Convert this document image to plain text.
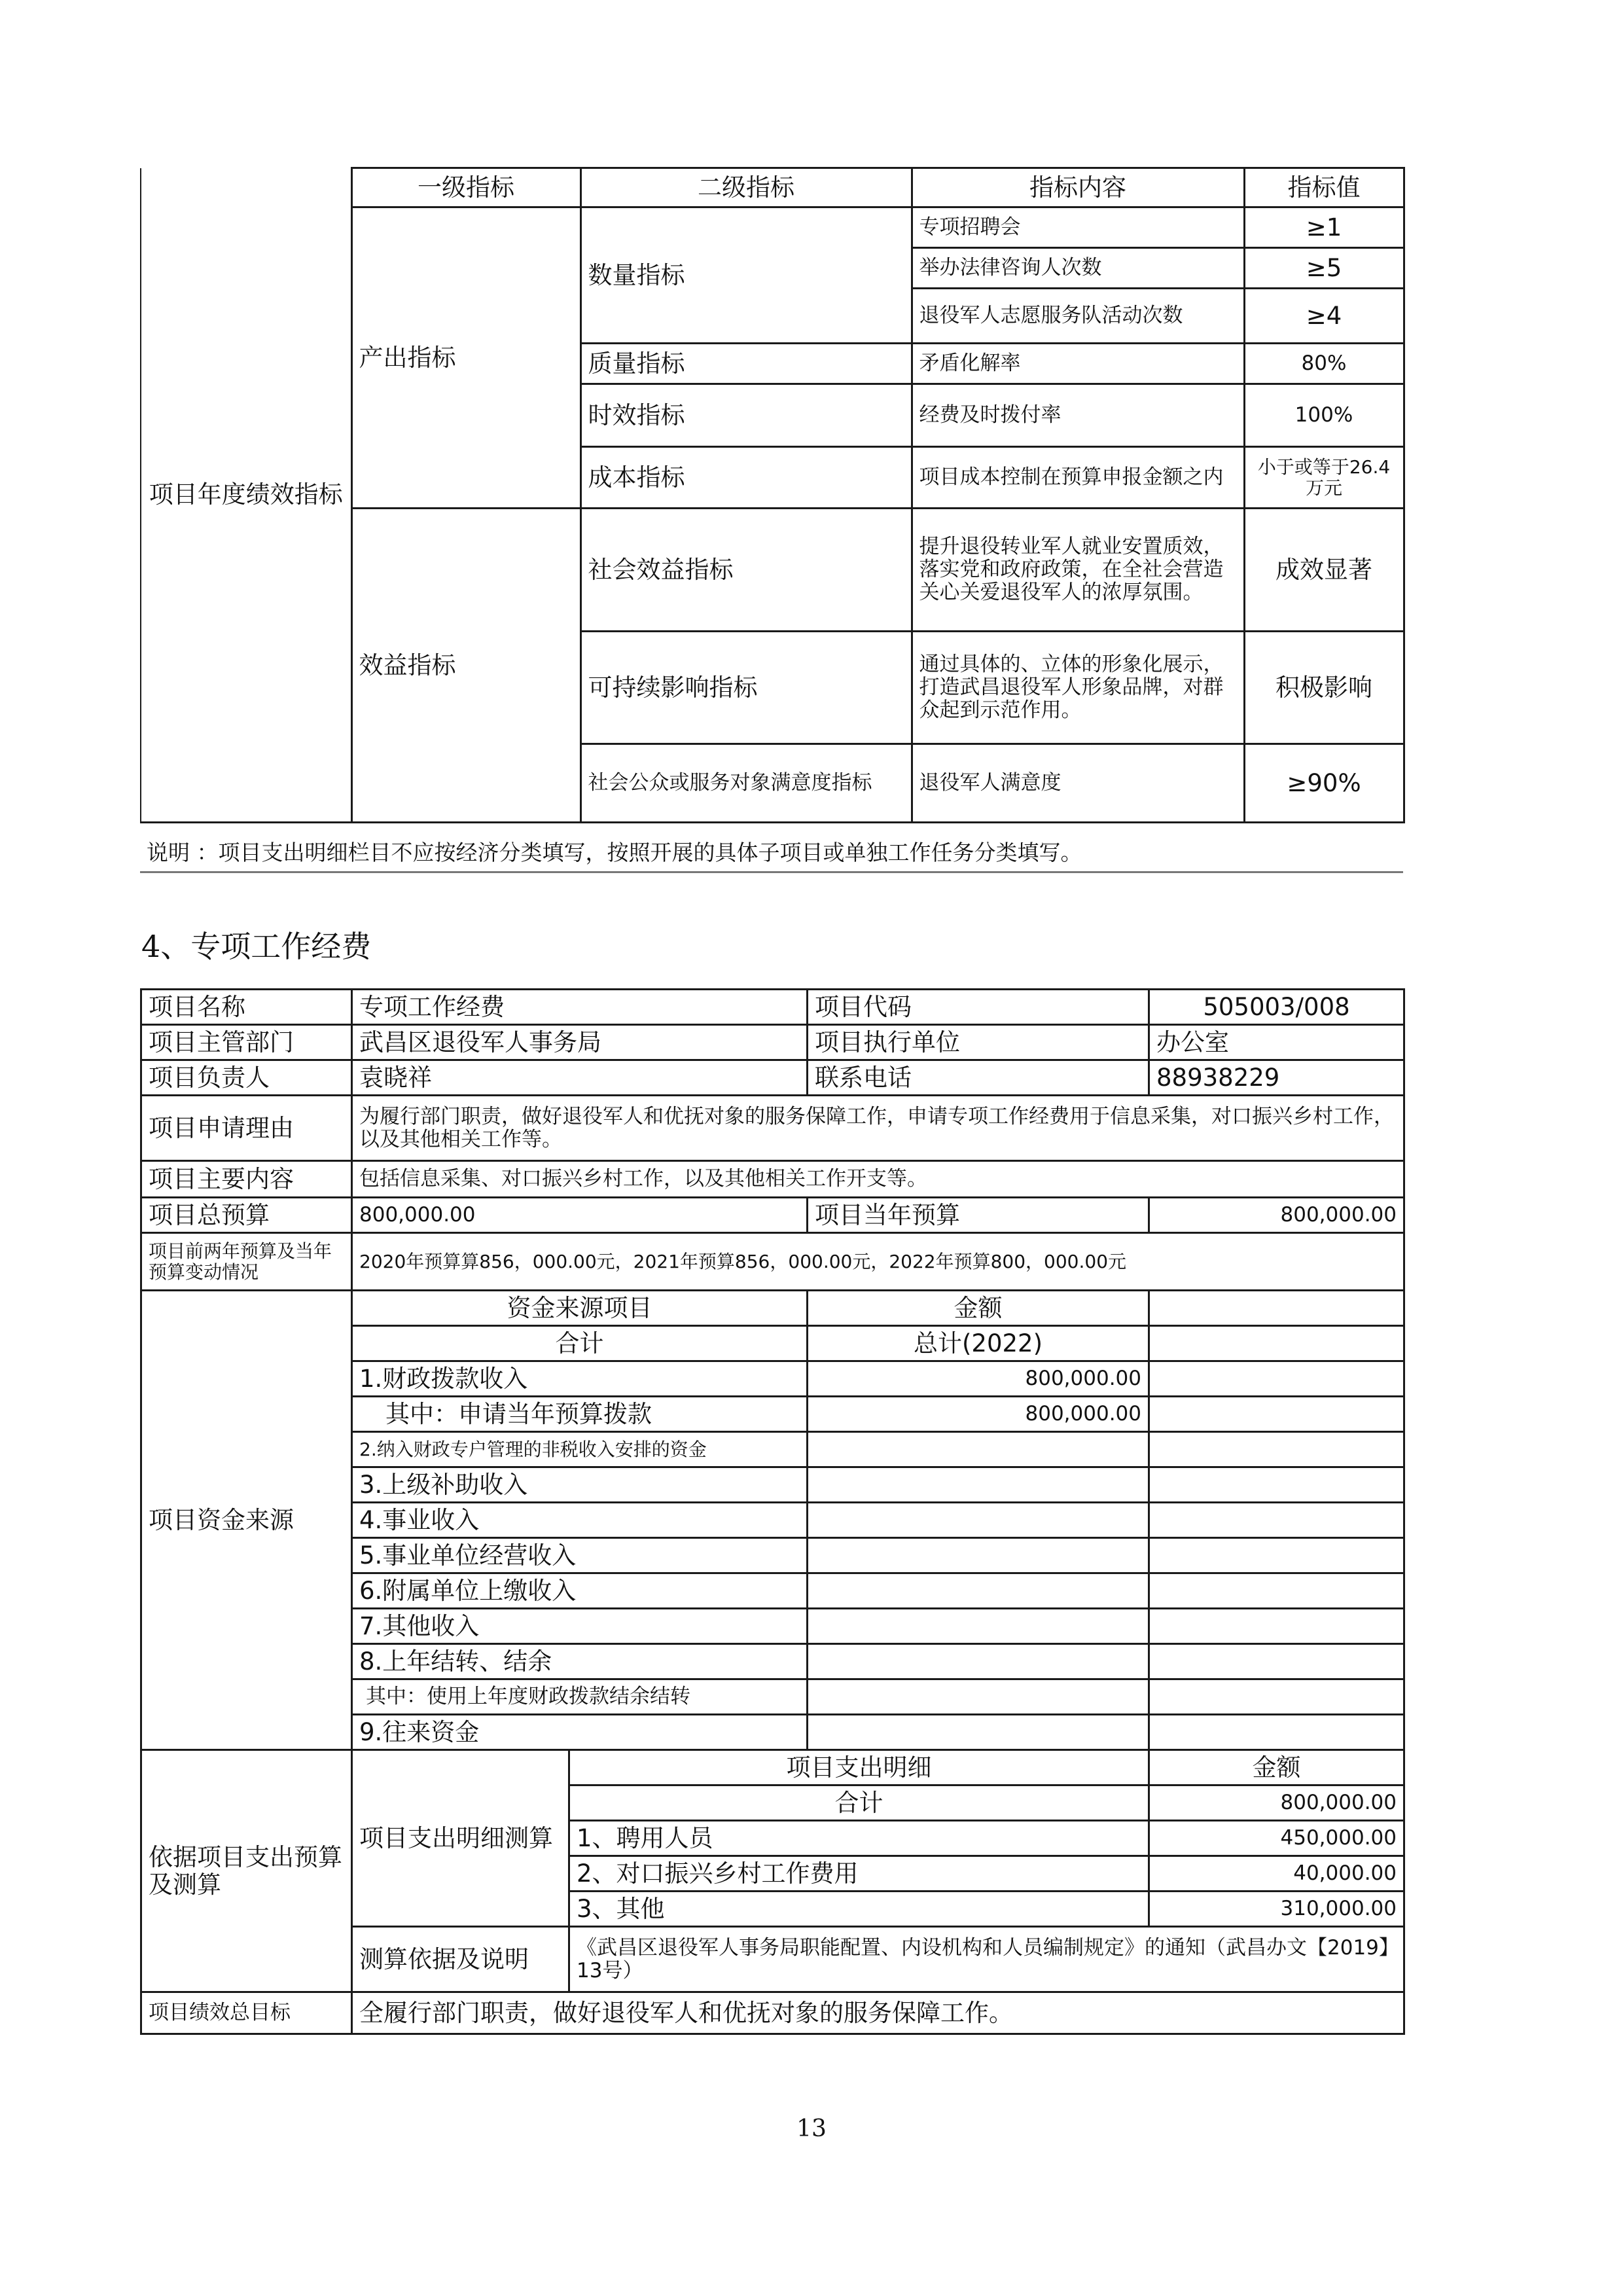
项目年度绩效指标	一级指标	二级指标	指标内容	指标值
	产出指标	数量指标	专项招聘会	≥1
			举办法律咨询人次数	≥5
			退役军人志愿服务队活动次数	≥4
		质量指标	矛盾化解率	80%
		时效指标	经费及时拨付率	100%
		成本指标	项目成本控制在预算申报金额之内	小于或等于26.4万元
	效益指标	社会效益指标	提升退役转业军人就业安置质效，落实党和政府政策，在全社会营造关心关爱退役军人的浓厚氛围。	成效显著
		可持续影响指标	通过具体的、立体的形象化展示，打造武昌退役军人形象品牌，对群众起到示范作用。	积极影响
		社会公众或服务对象满意度指标	退役军人满意度	≥90%
说明 ：项目支出明细栏目不应按经济分类填写，按照开展的具体子项目或单独工作任务分类填写。
4、专项工作经费
项目名称	专项工作经费		项目代码	505003/008
项目主管部门	武昌区退役军人事务局		项目执行单位	办公室
项目负责人	袁晓祥		联系电话	88938229
项目申请理由	为履行部门职责，做好退役军人和优抚对象的服务保障工作，申请专项工作经费用于信息采集，对口振兴乡村工作，以及其他相关工作等。			
项目主要内容	包括信息采集、对口振兴乡村工作，以及其他相关工作开支等。			
项目总预算	800,000.00		项目当年预算	800,000.00
项目前两年预算及当年预算变动情况	2020年预算算856，000.00元，2021年预算856，000.00元，2022年预算800，000.00元			
项目资金来源	资金来源项目		金额	
	合计		总计(2022)	
	1.财政拨款收入		800,000.00	
	其中：申请当年预算拨款		800,000.00	
	2.纳入财政专户管理的非税收入安排的资金			
	3.上级补助收入			
	4.事业收入			
	5.事业单位经营收入			
	6.附属单位上缴收入			
	7.其他收入			
	8.上年结转、结余			
	其中：使用上年度财政拨款结余结转			
	9.往来资金			
依据项目支出预算及测算	项目支出明细测算	项目支出明细		金额
		合计		800,000.00
		1、聘用人员		450,000.00
		2、对口振兴乡村工作费用		40,000.00
		3、其他		310,000.00
	测算依据及说明	《武昌区退役军人事务局职能配置、内设机构和人员编制规定》的通知（武昌办文【2019】13号）		
项目绩效总目标	全履行部门职责，做好退役军人和优抚对象的服务保障工作。			
13
